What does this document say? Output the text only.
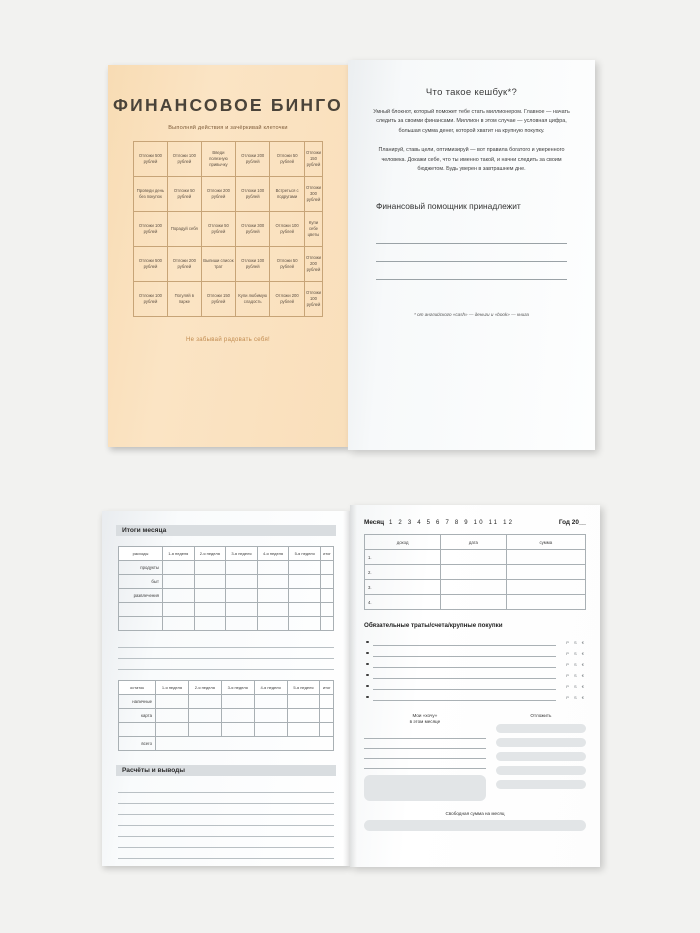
ФИНАНСОВОЕ БИНГО
Выполняй действия и зачёркивай клеточки
Отложи 500 рублей	Отложи 100 рублей	Введи полезную привычку	Отложи 200 рублей	Отложи 50 рублей	Отложи 150 рублей
Проведи день без покупок	Отложи 50 рублей	Отложи 200 рублей	Отложи 100 рублей	Встреться с подругами	Отложи 300 рублей
Отложи 100 рублей	Порадуй себя	Отложи 50 рублей	Отложи 300 рублей	Отложи 100 рублей	Купи себе цветы
Отложи 500 рублей	Отложи 200 рублей	Выпиши список трат	Отложи 100 рублей	Отложи 50 рублей	Отложи 200 рублей
Отложи 100 рублей	Погуляй в парке	Отложи 150 рублей	Купи любимую сладость	Отложи 200 рублей	Отложи 100 рублей
Не забывай радовать себя!
Что такое кешбук*?
Умный блокнот, который поможет тебе стать миллионером. Главное — начать следить за своими финансами. Миллион в этом случае — условная цифра, большая сумма денег, которой хватит на крупную покупку.
Планируй, ставь цели, оптимизируй — вот правила богатого и уверенного человека. Докажи себе, что ты именно такой, и начни следить за своим бюджетом. Будь уверен в завтрашнем дне.
Финансовый помощник принадлежит
* от английского «cash» — деньги и «book» — книга
Итоги месяца
расходы	1-я неделя	2-я неделя	3-я неделя	4-я неделя	5-я неделя	итог
продукты						
быт						
развлечения						

остаток	1-я неделя	2-я неделя	3-я неделя	4-я неделя	5-я неделя	итог
наличные						
карта						

всего						
Расчёты и выводы
Месяц 1 2 3 4 5 6 7 8 9 10 11 12	Год 20__
доход	дата	сумма
1.		
2.		
3.		
4.		
Обязательные траты/счета/крупные покупки
Р S €
Р S €
Р S €
Р S €
Р S €
Р S €
Мои «хочу»
в этом месяце
Отложить
Свободная сумма на месяц
